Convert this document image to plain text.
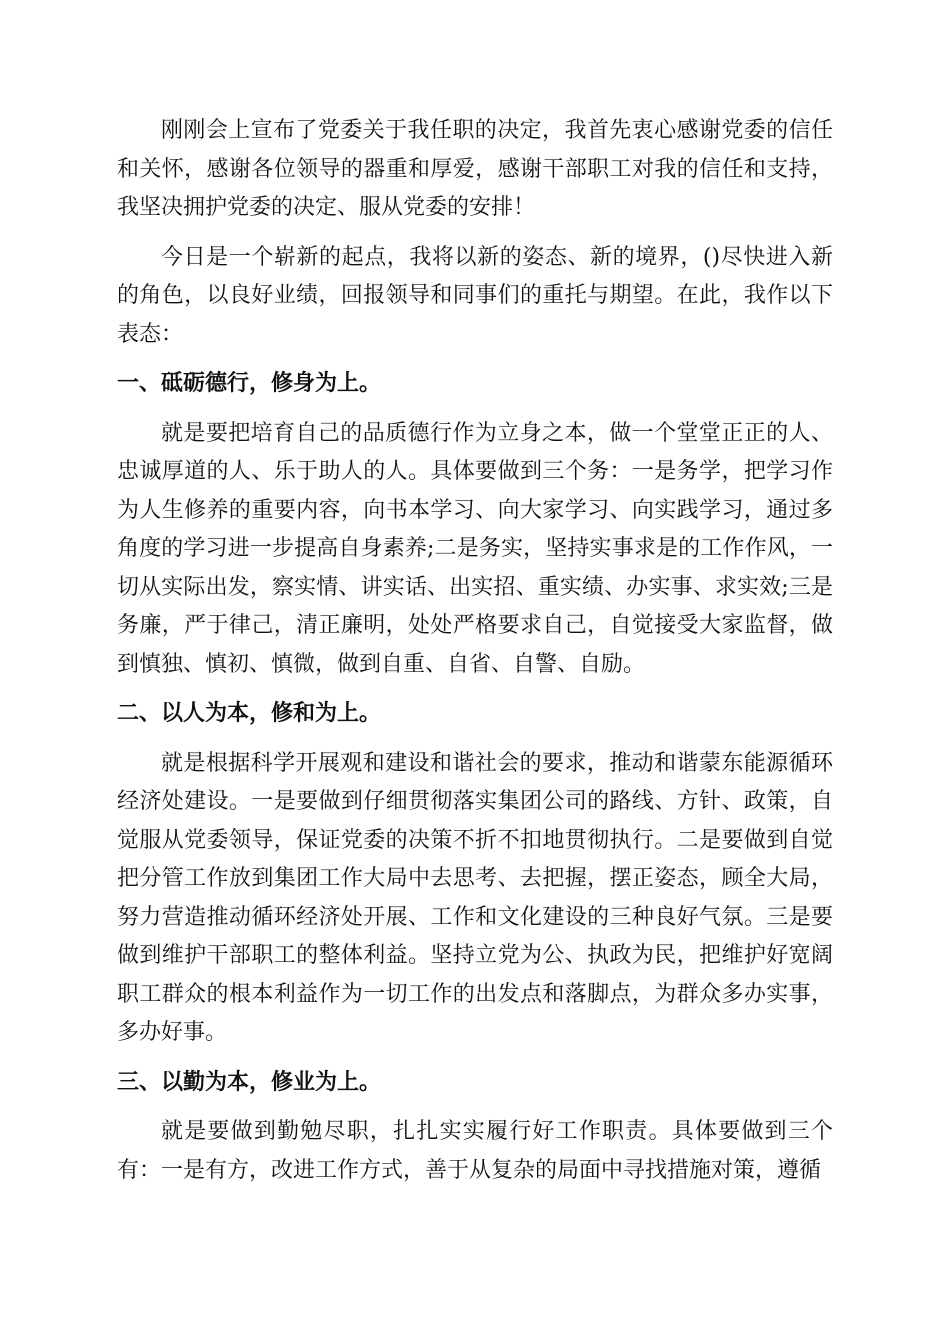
刚刚会上宣布了党委关于我任职的决定，我首先衷心感谢党委的信任和关怀，感谢各位领导的器重和厚爱，感谢干部职工对我的信任和支持，我坚决拥护党委的决定、服从党委的安排！

今日是一个崭新的起点，我将以新的姿态、新的境界，()尽快进入新的角色，以良好业绩，回报领导和同事们的重托与期望。在此，我作以下表态：

一、砥砺德行，修身为上。

就是要把培育自己的品质德行作为立身之本，做一个堂堂正正的人、忠诚厚道的人、乐于助人的人。具体要做到三个务：一是务学，把学习作为人生修养的重要内容，向书本学习、向大家学习、向实践学习，通过多角度的学习进一步提高自身素养;二是务实，坚持实事求是的工作作风，一切从实际出发，察实情、讲实话、出实招、重实绩、办实事、求实效;三是务廉，严于律己，清正廉明，处处严格要求自己，自觉接受大家监督，做到慎独、慎初、慎微，做到自重、自省、自警、自励。

二、以人为本，修和为上。

就是根据科学开展观和建设和谐社会的要求，推动和谐蒙东能源循环经济处建设。一是要做到仔细贯彻落实集团公司的路线、方针、政策，自觉服从党委领导，保证党委的决策不折不扣地贯彻执行。二是要做到自觉把分管工作放到集团工作大局中去思考、去把握，摆正姿态，顾全大局，努力营造推动循环经济处开展、工作和文化建设的三种良好气氛。三是要做到维护干部职工的整体利益。坚持立党为公、执政为民，把维护好宽阔职工群众的根本利益作为一切工作的出发点和落脚点，为群众多办实事，多办好事。

三、以勤为本，修业为上。

就是要做到勤勉尽职，扎扎实实履行好工作职责。具体要做到三个有：一是有方，改进工作方式，善于从复杂的局面中寻找措施对策，遵循
